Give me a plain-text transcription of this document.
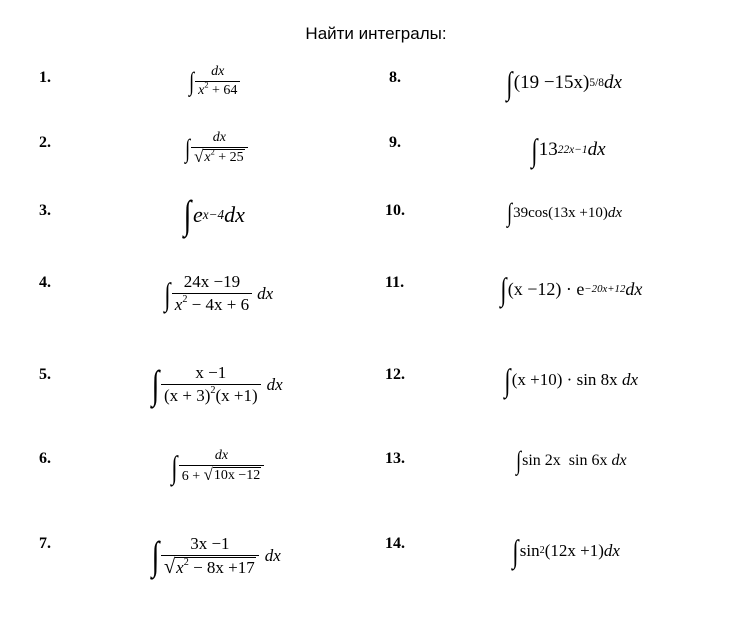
Найти интегралы:
1.
2.
3.
4.
5.
6.
7.
8.
9.
10.
11.
12.
13.
14.
∫ $\frac{dx}{x^2 + 64}$
∫ $\frac{dx}{√ x^2 + 25}$
∫ e x−4 dx
∫ $\frac{24x -19}{x^2 - 4x + 6}$ dx
∫ $\frac{x -1}{(x + 3)^2(x +1)}$ dx
∫ $\frac{dx}{6 + √ 10x -12}$
∫ $\frac{3x -1}{√ x^2 - 8x +17}$ dx
∫ (19 −15x) 5/8 dx
∫ 13 22x−1 dx
∫ 39cos(13x +10) dx
∫ (x −12) · e −20x+12 dx
∫ (x +10) · sin 8x
dx
∫ sin 2x  sin 6x
dx
∫ sin 2 (12x +1) dx
